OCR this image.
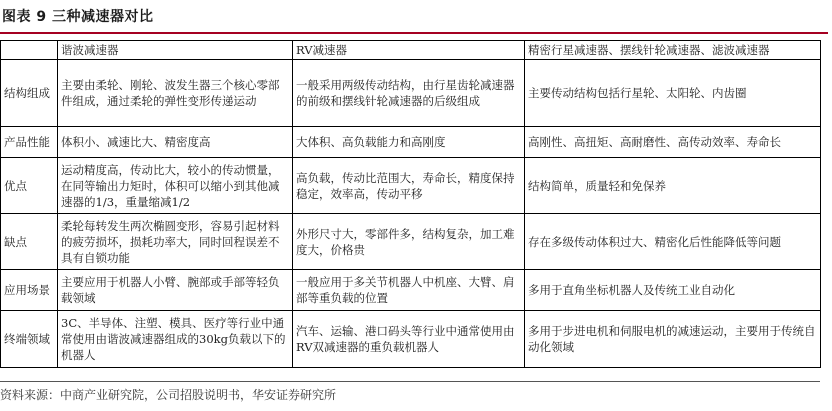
图表 9 三种减速器对比
	谐波减速器	RV减速器	精密行星减速器、摆线针轮减速器、滤波减速器
结构组成	主要由柔轮、刚轮、波发生器三个核心零部件组成，通过柔轮的弹性变形传递运动	一般采用两级传动结构，由行星齿轮减速器的前级和摆线针轮减速器的后级组成	主要传动结构包括行星轮、太阳轮、内齿圈
产品性能	体积小、减速比大、精密度高	大体积、高负载能力和高刚度	高刚性、高扭矩、高耐磨性、高传动效率、寿命长
优点	运动精度高，传动比大，较小的传动惯量，在同等输出力矩时，体积可以缩小到其他减速器的1/3，重量缩减1/2	高负载，传动比范围大，寿命长，精度保持稳定，效率高，传动平移	结构简单，质量轻和免保养
缺点	柔轮每转发生两次椭圆变形，容易引起材料的疲劳损坏，损耗功率大，同时回程误差不具有自锁功能	外形尺寸大，零部件多，结构复杂，加工难度大，价格贵	存在多级传动体积过大、精密化后性能降低等问题
应用场景	主要应用于机器人小臂、腕部或手部等轻负载领域	一般应用于多关节机器人中机座、大臂、肩部等重负载的位置	多用于直角坐标机器人及传统工业自动化
终端领域	3C、半导体、注塑、模具、医疗等行业中通常使用由谐波减速器组成的30kg负载以下的机器人	汽车、运输、港口码头等行业中通常使用由RV双减速器的重负载机器人	多用于步进电机和伺服电机的减速运动，主要用于传统自动化领域
资料来源：中商产业研究院，公司招股说明书，华安证券研究所
